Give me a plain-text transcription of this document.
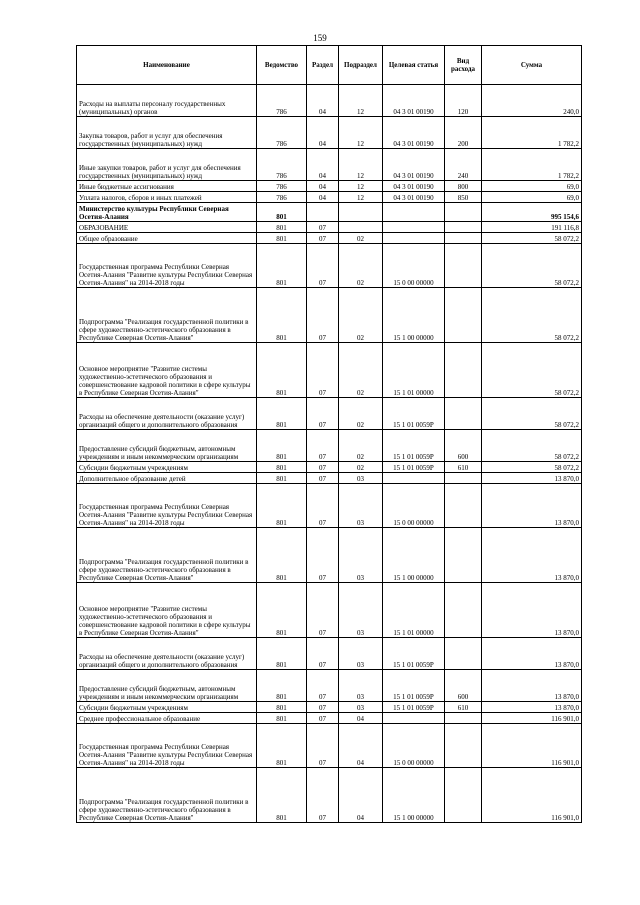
159
Наименование	Ведомство	Раздел	Подраздел	Целевая статья	Вид расхода	Сумма
Расходы на выплаты персоналу государственных (муниципальных) органов	786	04	12	04 3 01 00190	120	240,0
Закупка товаров, работ и услуг для обеспечения государственных (муниципальных) нужд	786	04	12	04 3 01 00190	200	1 782,2
Иные закупки товаров, работ и услуг для обеспечения государственных (муниципальных) нужд	786	04	12	04 3 01 00190	240	1 782,2
Иные бюджетные ассигнования	786	04	12	04 3 01 00190	800	69,0
Уплата налогов, сборов и иных платежей	786	04	12	04 3 01 00190	850	69,0
Министерство культуры Республики Северная Осетия-Алания	801					995 154,6
ОБРАЗОВАНИЕ	801	07				191 116,8
Общее образование	801	07	02			58 072,2
Государственная программа Республики Северная Осетия-Алания "Развитие культуры Республики Северная Осетия-Алания" на 2014-2018 годы	801	07	02	15 0 00 00000		58 072,2
Подпрограмма "Реализация государственной политики в сфере художественно-эстетического образования в Республике Северная Осетия-Алания"	801	07	02	15 1 00 00000		58 072,2
Основное мероприятие "Развитие системы художественно-эстетического образования и совершенствование кадровой политики в сфере культуры в Республике Северная Осетия-Алания"	801	07	02	15 1 01 00000		58 072,2
Расходы на обеспечение деятельности (оказание услуг) организаций общего и дополнительного образования	801	07	02	15 1 01 0059Р		58 072,2
Предоставление субсидий бюджетным, автономным учреждениям и иным некоммерческим организациям	801	07	02	15 1 01 0059Р	600	58 072,2
Субсидии бюджетным учреждениям	801	07	02	15 1 01 0059Р	610	58 072,2
Дополнительное образование детей	801	07	03			13 870,0
Государственная программа Республики Северная Осетия-Алания "Развитие культуры Республики Северная Осетия-Алания" на 2014-2018 годы	801	07	03	15 0 00 00000		13 870,0
Подпрограмма "Реализация государственной политики в сфере художественно-эстетического образования в Республике Северная Осетия-Алания"	801	07	03	15 1 00 00000		13 870,0
Основное мероприятие "Развитие системы художественно-эстетического образования и совершенствование кадровой политики в сфере культуры в Республике Северная Осетия-Алания"	801	07	03	15 1 01 00000		13 870,0
Расходы на обеспечение деятельности (оказание услуг) организаций общего и дополнительного образования	801	07	03	15 1 01 0059Р		13 870,0
Предоставление субсидий бюджетным, автономным учреждениям и иным некоммерческим организациям	801	07	03	15 1 01 0059Р	600	13 870,0
Субсидии бюджетным учреждениям	801	07	03	15 1 01 0059Р	610	13 870,0
Среднее профессиональное образование	801	07	04			116 901,0
Государственная программа Республики Северная Осетия-Алания "Развитие культуры Республики Северная Осетия-Алания" на 2014-2018 годы	801	07	04	15 0 00 00000		116 901,0
Подпрограмма "Реализация государственной политики в сфере художественно-эстетического образования в Республике Северная Осетия-Алания"	801	07	04	15 1 00 00000		116 901,0
